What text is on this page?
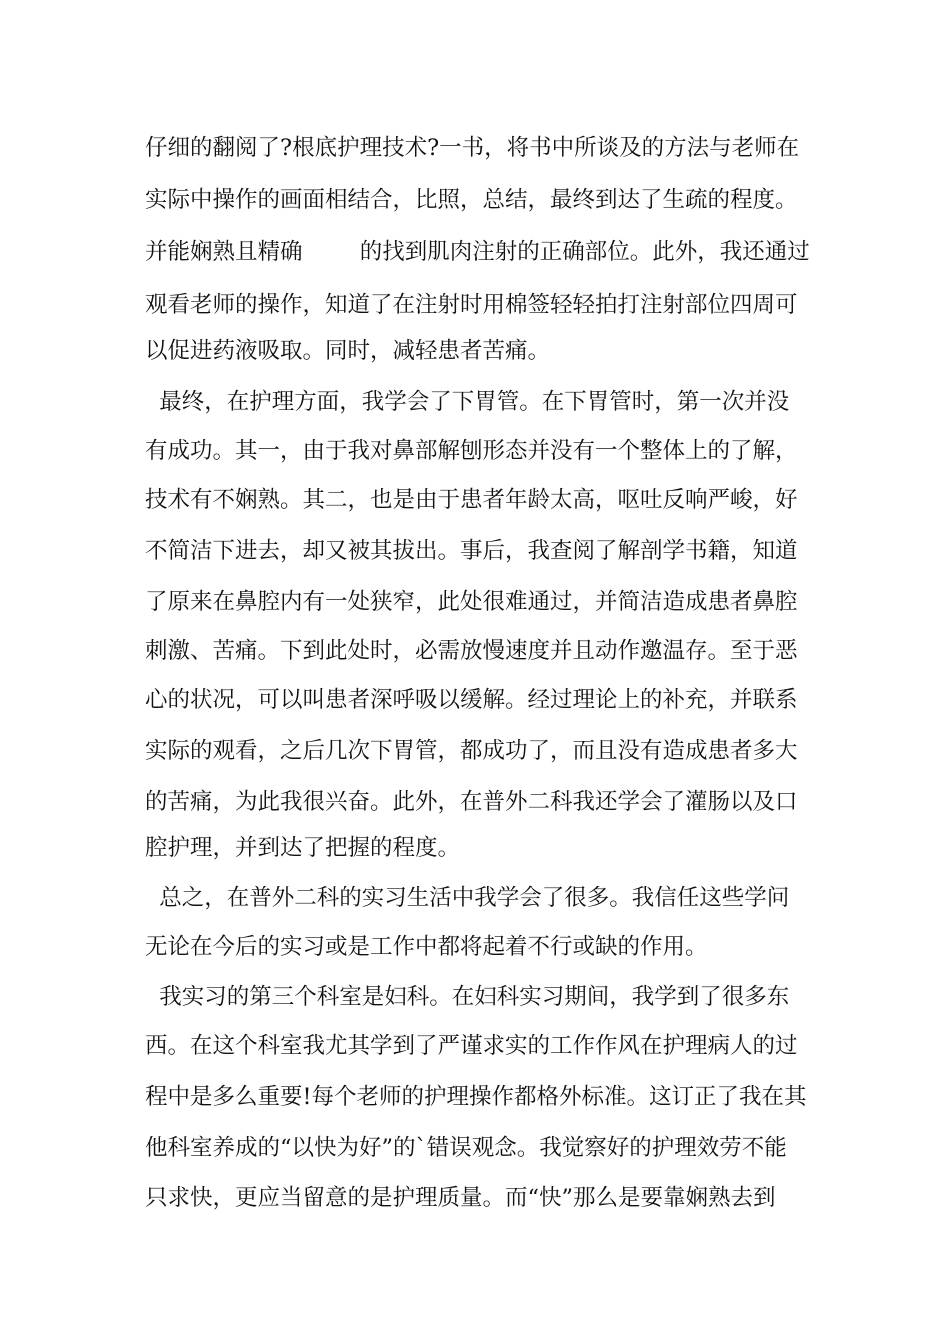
仔细的翻阅了?根底护理技术?一书，将书中所谈及的方法与老师在
实际中操作的画面相结合，比照，总结，最终到达了生疏的程度。
并能娴熟且精确        的找到肌肉注射的正确部位。此外，我还通过
观看老师的操作，知道了在注射时用棉签轻轻拍打注射部位四周可
以促进药液吸取。同时，减轻患者苦痛。
最终，在护理方面，我学会了下胃管。在下胃管时，第一次并没
有成功。其一，由于我对鼻部解刨形态并没有一个整体上的了解，
技术有不娴熟。其二，也是由于患者年龄太高，呕吐反响严峻，好
不简洁下进去，却又被其拔出。事后，我查阅了解剖学书籍，知道
了原来在鼻腔内有一处狭窄，此处很难通过，并简洁造成患者鼻腔
刺激、苦痛。下到此处时，必需放慢速度并且动作邀温存。至于恶
心的状况，可以叫患者深呼吸以缓解。经过理论上的补充，并联系
实际的观看，之后几次下胃管，都成功了，而且没有造成患者多大
的苦痛，为此我很兴奋。此外，在普外二科我还学会了灌肠以及口
腔护理，并到达了把握的程度。
总之，在普外二科的实习生活中我学会了很多。我信任这些学问
无论在今后的实习或是工作中都将起着不行或缺的作用。
我实习的第三个科室是妇科。在妇科实习期间，我学到了很多东
西。在这个科室我尤其学到了严谨求实的工作作风在护理病人的过
程中是多么重要!每个老师的护理操作都格外标准。这订正了我在其
他科室养成的“以快为好”的`错误观念。我觉察好的护理效劳不能
只求快，更应当留意的是护理质量。而“快”那么是要靠娴熟去到
